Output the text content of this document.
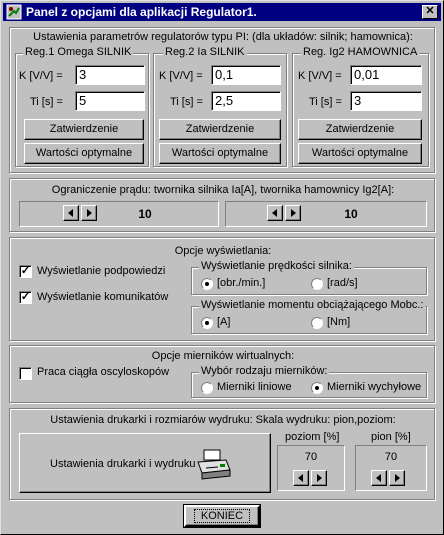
Panel z opcjami dla aplikacji Regulator1.	✕
Ustawienia parametrów regulatorów typu PI: (dla układów: silnik; hamownica):
Reg.1 Omega SILNIK
K [V/V] =	3
Ti [s] =	5
Zatwierdzenie
Wartości optymalne
Reg.2 Ia SILNIK
K [V/V] = 0,1
Ti [s] = 2,5
Zatwierdzenie
Wartości optymalne
Reg. Ig2 HAMOWNICA
K [V/V] = 0,01
Ti [s] = 3
Zatwierdzenie
Wartości optymalne
Ograniczenie prądu: twornika silnika Ia[A], twornika hamownicy Ig2[A]:
10	10
Opcje wyświetlania:
✓ Wyświetlanie podpowiedzi
✓ Wyświetlanie komunikatów
Wyświetlanie prędkości silnika:
[obr./min.]	[rad/s]
Wyświetlanie momentu obciążającego Mobc.:
[A]	[Nm]
Opcje mierników wirtualnych:
Praca ciągła oscyloskopów	Wybór rodzaju mierników:
Mierniki liniowe	Mierniki wychyłowe
Ustawienia drukarki i rozmiarów wydruku: Skala wydruku: pion,poziom:
Ustawienia drukarki i wydruku
poziom [%]
70
pion [%]
70
KONIEC
